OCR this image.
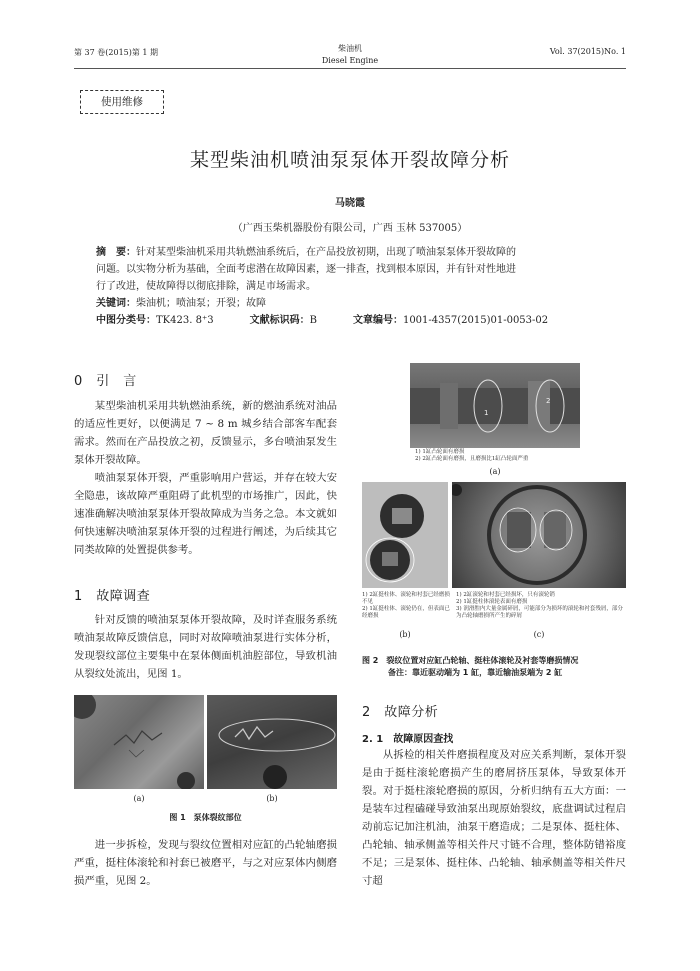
第 37 卷(2015)第 1 期	柴油机
Diesel Engine
Vol. 37(2015)No. 1
使用维修
某型柴油机喷油泵泵体开裂故障分析
马晓霞
（广西玉柴机器股份有限公司，广西 玉林 537005）
摘　要：针对某型柴油机采用共轨燃油系统后，在产品投放初期，出现了喷油泵泵体开裂故障的
问题。以实物分析为基础，全面考虑潜在故障因素，逐一排查，找到根本原因，并有针对性地进
行了改进，使故障得以彻底排除，满足市场需求。
关键词：柴油机；喷油泵；开裂；故障
中图分类号：TK423. 8⁺3	文献标识码：B	文章编号：1001-4357(2015)01-0053-02
0　引　言

某型柴油机采用共轨燃油系统，新的燃油系统对油品的适应性更好，以便满足 7 ~ 8 m 城乡结合部客车配套需求。然而在产品投放之初，反馈显示，多台喷油泵发生泵体开裂故障。

喷油泵泵体开裂，严重影响用户营运，并存在较大安全隐患，该故障严重阻碍了此机型的市场推广，因此，快速准确解决喷油泵泵体开裂故障成为当务之急。本文就如何快速解决喷油泵泵体开裂的过程进行阐述，为后续其它同类故障的处置提供参考。

1　故障调查

针对反馈的喷油泵泵体开裂故障，及时详查服务系统喷油泵故障反馈信息，同时对故障喷油泵进行实体分析，发现裂纹部位主要集中在泵体侧面机油腔部位，导致机油从裂纹处流出，见图 1。

(a)	(b)
图 1　泵体裂纹部位

进一步拆检，发现与裂纹位置相对应缸的凸轮轴磨损严重，挺柱体滚轮和衬套已被磨平，与之对应泵体内侧磨损严重，见图 2。

1
2
1) 1缸凸轮面有磨损
2) 2缸凸轮面有磨损，且磨损比1缸凸轮面严重
(a)
1) 2缸挺柱体、滚轮和衬套已经磨损不见
2) 1缸挺柱体、滚轮仍在，但表面已经磨损
1) 2缸滚轮和衬套已经损坏，只有滚轮销
2) 1缸挺柱体滚轮表面有磨损
3) 润滑腔内大量金属碎屑，可能部分为损坏的滚轮和衬套残屑，部分为凸轮轴磨损所产生的碎屑
(b)	(c)
图 2　裂纹位置对应缸凸轮轴、挺柱体滚轮及衬套等磨损情况
备注：靠近驱动端为 1 缸，靠近输油泵端为 2 缸
2　故障分析
2. 1　故障原因查找

从拆检的相关件磨损程度及对应关系判断，泵体开裂是由于挺柱滚轮磨损产生的磨屑挤压泵体，导致泵体开裂。对于挺柱滚轮磨损的原因，分析归纳有五大方面：一是装车过程磕碰导致油泵出现原始裂纹，底盘调试过程启动前忘记加注机油，油泵干磨造成；二是泵体、挺柱体、凸轮轴、轴承侧盖等相关件尺寸链不合理，整体防错裕度不足；三是泵体、挺柱体、凸轮轴、轴承侧盖等相关件尺寸超
